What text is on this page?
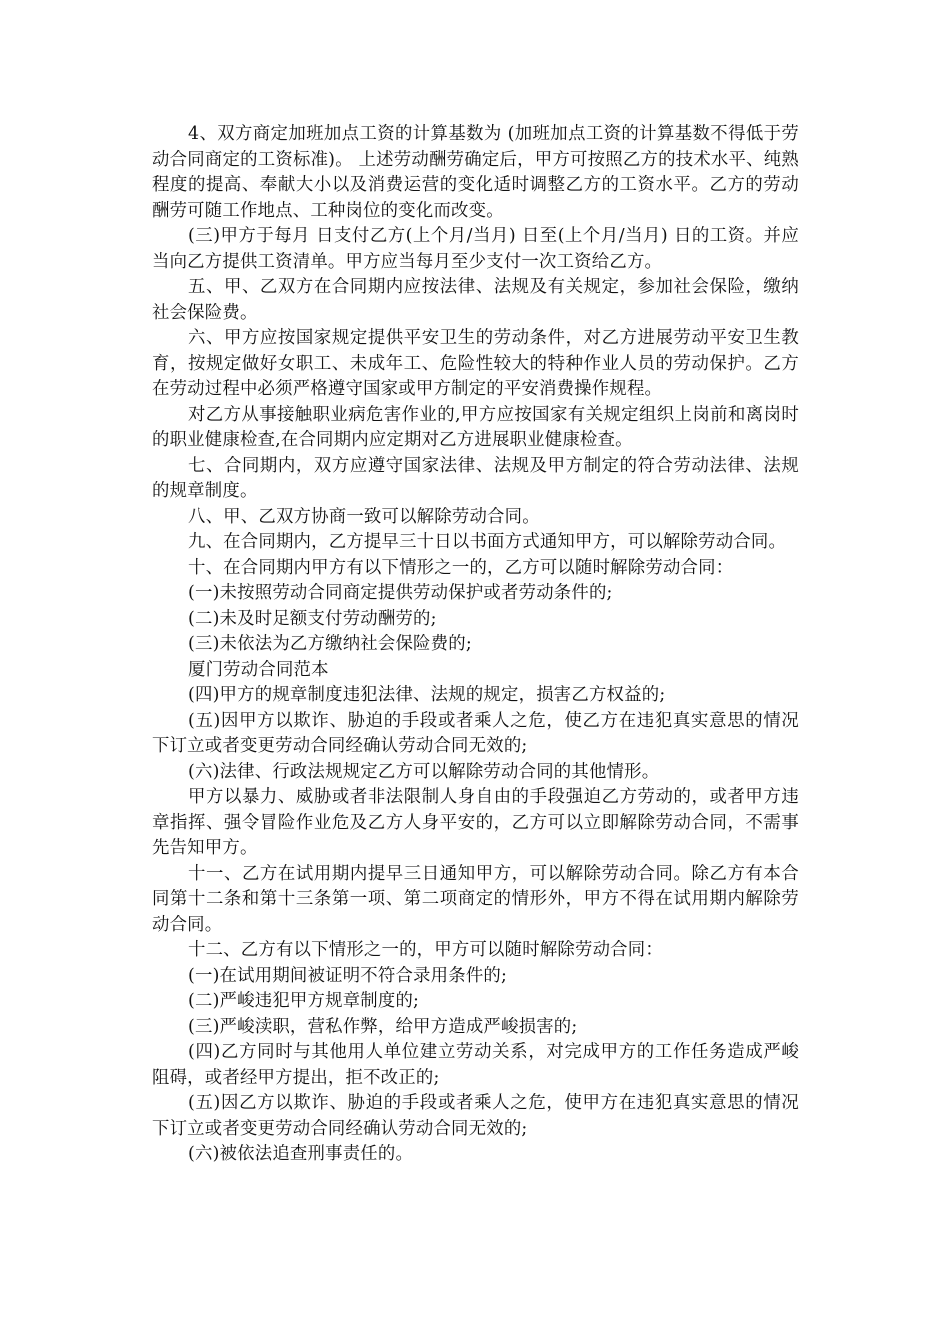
4、双方商定加班加点工资的计算基数为 (加班加点工资的计算基数不得低于劳动合同商定的工资标准)。 上述劳动酬劳确定后，甲方可按照乙方的技术水平、纯熟程度的提高、奉献大小以及消费运营的变化适时调整乙方的工资水平。乙方的劳动酬劳可随工作地点、工种岗位的变化而改变。

(三)甲方于每月 日支付乙方(上个月/当月) 日至(上个月/当月) 日的工资。并应当向乙方提供工资清单。甲方应当每月至少支付一次工资给乙方。

五、甲、乙双方在合同期内应按法律、法规及有关规定，参加社会保险，缴纳社会保险费。

六、甲方应按国家规定提供平安卫生的劳动条件，对乙方进展劳动平安卫生教育，按规定做好女职工、未成年工、危险性较大的特种作业人员的劳动保护。乙方在劳动过程中必须严格遵守国家或甲方制定的平安消费操作规程。

对乙方从事接触职业病危害作业的,甲方应按国家有关规定组织上岗前和离岗时的职业健康检查,在合同期内应定期对乙方进展职业健康检查。

七、合同期内，双方应遵守国家法律、法规及甲方制定的符合劳动法律、法规的规章制度。

八、甲、乙双方协商一致可以解除劳动合同。

九、在合同期内，乙方提早三十日以书面方式通知甲方，可以解除劳动合同。

十、在合同期内甲方有以下情形之一的，乙方可以随时解除劳动合同：

(一)未按照劳动合同商定提供劳动保护或者劳动条件的;

(二)未及时足额支付劳动酬劳的;

(三)未依法为乙方缴纳社会保险费的;

厦门劳动合同范本

(四)甲方的规章制度违犯法律、法规的规定，损害乙方权益的;

(五)因甲方以欺诈、胁迫的手段或者乘人之危，使乙方在违犯真实意思的情况下订立或者变更劳动合同经确认劳动合同无效的;

(六)法律、行政法规规定乙方可以解除劳动合同的其他情形。

甲方以暴力、威胁或者非法限制人身自由的手段强迫乙方劳动的，或者甲方违章指挥、强令冒险作业危及乙方人身平安的，乙方可以立即解除劳动合同，不需事先告知甲方。

十一、乙方在试用期内提早三日通知甲方，可以解除劳动合同。除乙方有本合同第十二条和第十三条第一项、第二项商定的情形外，甲方不得在试用期内解除劳动合同。

十二、乙方有以下情形之一的，甲方可以随时解除劳动合同：

(一)在试用期间被证明不符合录用条件的;

(二)严峻违犯甲方规章制度的;

(三)严峻渎职，营私作弊，给甲方造成严峻损害的;

(四)乙方同时与其他用人单位建立劳动关系，对完成甲方的工作任务造成严峻阻碍，或者经甲方提出，拒不改正的;

(五)因乙方以欺诈、胁迫的手段或者乘人之危，使甲方在违犯真实意思的情况下订立或者变更劳动合同经确认劳动合同无效的;

(六)被依法追查刑事责任的。
